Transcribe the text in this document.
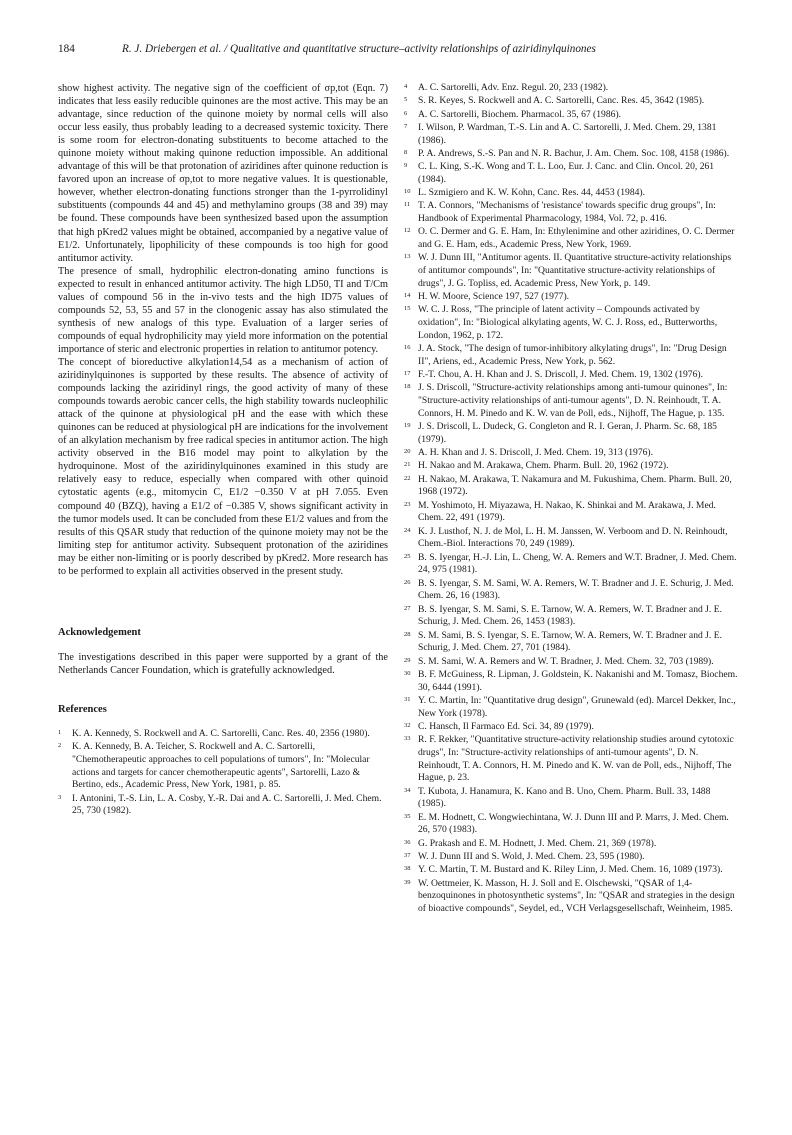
184	R. J. Driebergen et al. / Qualitative and quantitative structure–activity relationships of aziridinylquinones

show highest activity. The negative sign of the coefficient of σp,tot (Eqn. 7) indicates that less easily reducible quinones are the most active. This may be an advantage, since reduction of the quinone moiety by normal cells will also occur less easily, thus probably leading to a decreased systemic toxicity. There is some room for electron-donating substituents to become attached to the quinone moiety without making quinone reduction impossible. An additional advantage of this will be that protonation of aziridines after quinone reduction is favored upon an increase of σp,tot to more negative values. It is questionable, however, whether electron-donating functions stronger than the 1-pyrrolidinyl substituents (compounds 44 and 45) and methylamino groups (38 and 39) may be found. These compounds have been synthesized based upon the assumption that high pKred2 values might be obtained, accompanied by a negative value of E1/2. Unfortunately, lipophilicity of these compounds is too high for good antitumor activity.

The presence of small, hydrophilic electron-donating amino functions is expected to result in enhanced antitumor activity. The high LD50, TI and T/Cm values of compound 56 in the in-vivo tests and the high ID75 values of compounds 52, 53, 55 and 57 in the clonogenic assay has also stimulated the synthesis of new analogs of this type. Evaluation of a larger series of compounds of equal hydrophilicity may yield more information on the potential importance of steric and electronic properties in relation to antitumor potency.

The concept of bioreductive alkylation14,54 as a mechanism of action of aziridinylquinones is supported by these results. The absence of activity of compounds lacking the aziridinyl rings, the good activity of many of these compounds towards aerobic cancer cells, the high stability towards nucleophilic attack of the quinone at physiological pH and the ease with which these quinones can be reduced at physiological pH are indications for the involvement of an alkylation mechanism by free radical species in antitumor action. The high activity observed in the B16 model may point to alkylation by the hydroquinone. Most of the aziridinylquinones examined in this study are relatively easy to reduce, especially when compared with other quinoid cytostatic agents (e.g., mitomycin C, E1/2 −0.350 V at pH 7.055. Even compound 40 (BZQ), having a E1/2 of −0.385 V, shows significant activity in the tumor models used. It can be concluded from these E1/2 values and from the results of this QSAR study that reduction of the quinone moiety may not be the limiting step for antitumor activity. Subsequent protonation of the aziridines may be either non-limiting or is poorly described by pKred2. More research has to be performed to explain all activities observed in the present study.

Acknowledgement

The investigations described in this paper were supported by a grant of the Netherlands Cancer Foundation, which is gratefully acknowledged.

References
1 K. A. Kennedy, S. Rockwell and A. C. Sartorelli, Canc. Res. 40, 2356 (1980).
2 K. A. Kennedy, B. A. Teicher, S. Rockwell and A. C. Sartorelli, "Chemotherapeutic approaches to cell populations of tumors", In: "Molecular actions and targets for cancer chemotherapeutic agents", Sartorelli, Lazo & Bertino, eds., Academic Press, New York, 1981, p. 85.
3 I. Antonini, T.-S. Lin, L. A. Cosby, Y.-R. Dai and A. C. Sartorelli, J. Med. Chem. 25, 730 (1982).
4 A. C. Sartorelli, Adv. Enz. Regul. 20, 233 (1982).
5 S. R. Keyes, S. Rockwell and A. C. Sartorelli, Canc. Res. 45, 3642 (1985).
6 A. C. Sartorelli, Biochem. Pharmacol. 35, 67 (1986).
7 I. Wilson, P. Wardman, T.-S. Lin and A. C. Sartorelli, J. Med. Chem. 29, 1381 (1986).
8 P. A. Andrews, S.-S. Pan and N. R. Bachur, J. Am. Chem. Soc. 108, 4158 (1986).
9 C. L. King, S.-K. Wong and T. L. Loo, Eur. J. Canc. and Clin. Oncol. 20, 261 (1984).
10 L. Szmigiero and K. W. Kohn, Canc. Res. 44, 4453 (1984).
11 T. A. Connors, "Mechanisms of 'resistance' towards specific drug groups", In: Handbook of Experimental Pharmacology, 1984, Vol. 72, p. 416.
12 O. C. Dermer and G. E. Ham, In: Ethylenimine and other aziridines, O. C. Dermer and G. E. Ham, eds., Academic Press, New York, 1969.
13 W. J. Dunn III, "Antitumor agents. II. Quantitative structure-activity relationships of antitumor compounds", In: "Quantitative structure-activity relationships of drugs", J. G. Topliss, ed. Academic Press, New York, p. 149.
14 H. W. Moore, Science 197, 527 (1977).
15 W. C. J. Ross, "The principle of latent activity – Compounds activated by oxidation", In: "Biological alkylating agents, W. C. J. Ross, ed., Butterworths, London, 1962, p. 172.
16 J. A. Stock, "The design of tumor-inhibitory alkylating drugs", In: "Drug Design II", Ariens, ed., Academic Press, New York, p. 562.
17 F.-T. Chou, A. H. Khan and J. S. Driscoll, J. Med. Chem. 19, 1302 (1976).
18 J. S. Driscoll, "Structure-activity relationships among anti-tumour quinones", In: "Structure-activity relationships of anti-tumour agents", D. N. Reinhoudt, T. A. Connors, H. M. Pinedo and K. W. van de Poll, eds., Nijhoff, The Hague, p. 135.
19 J. S. Driscoll, L. Dudeck, G. Congleton and R. I. Geran, J. Pharm. Sc. 68, 185 (1979).
20 A. H. Khan and J. S. Driscoll, J. Med. Chem. 19, 313 (1976).
21 H. Nakao and M. Arakawa, Chem. Pharm. Bull. 20, 1962 (1972).
22 H. Nakao, M. Arakawa, T. Nakamura and M. Fukushima, Chem. Pharm. Bull. 20, 1968 (1972).
23 M. Yoshimoto, H. Miyazawa, H. Nakao, K. Shinkai and M. Arakawa, J. Med. Chem. 22, 491 (1979).
24 K. J. Lusthof, N. J. de Mol, L. H. M. Janssen, W. Verboom and D. N. Reinhoudt, Chem.-Biol. Interactions 70, 249 (1989).
25 B. S. Iyengar, H.-J. Lin, L. Cheng, W. A. Remers and W.T. Bradner, J. Med. Chem. 24, 975 (1981).
26 B. S. Iyengar, S. M. Sami, W. A. Remers, W. T. Bradner and J. E. Schurig, J. Med. Chem. 26, 16 (1983).
27 B. S. Iyengar, S. M. Sami, S. E. Tarnow, W. A. Remers, W. T. Bradner and J. E. Schurig, J. Med. Chem. 26, 1453 (1983).
28 S. M. Sami, B. S. Iyengar, S. E. Tarnow, W. A. Remers, W. T. Bradner and J. E. Schurig, J. Med. Chem. 27, 701 (1984).
29 S. M. Sami, W. A. Remers and W. T. Bradner, J. Med. Chem. 32, 703 (1989).
30 B. F. McGuiness, R. Lipman, J. Goldstein, K. Nakanishi and M. Tomasz, Biochem. 30, 6444 (1991).
31 Y. C. Martin, In: "Quantitative drug design", Grunewald (ed). Marcel Dekker, Inc., New York (1978).
32 C. Hansch, Il Farmaco Ed. Sci. 34, 89 (1979).
33 R. F. Rekker, "Quantitative structure-activity relationship studies around cytotoxic drugs", In: "Structure-activity relationships of anti-tumour agents", D. N. Reinhoudt, T. A. Connors, H. M. Pinedo and K. W. van de Poll, eds., Nijhoff, The Hague, p. 23.
34 T. Kubota, J. Hanamura, K. Kano and B. Uno, Chem. Pharm. Bull. 33, 1488 (1985).
35 E. M. Hodnett, C. Wongwiechintana, W. J. Dunn III and P. Marrs, J. Med. Chem. 26, 570 (1983).
36 G. Prakash and E. M. Hodnett, J. Med. Chem. 21, 369 (1978).
37 W. J. Dunn III and S. Wold, J. Med. Chem. 23, 595 (1980).
38 Y. C. Martin, T. M. Bustard and K. Riley Linn, J. Med. Chem. 16, 1089 (1973).
39 W. Oettmeier, K. Masson, H. J. Soll and E. Olschewski, "QSAR of 1,4-benzoquinones in photosynthetic systems", In: "QSAR and strategies in the design of bioactive compounds", Seydel, ed., VCH Verlagsgesellschaft, Weinheim, 1985.
